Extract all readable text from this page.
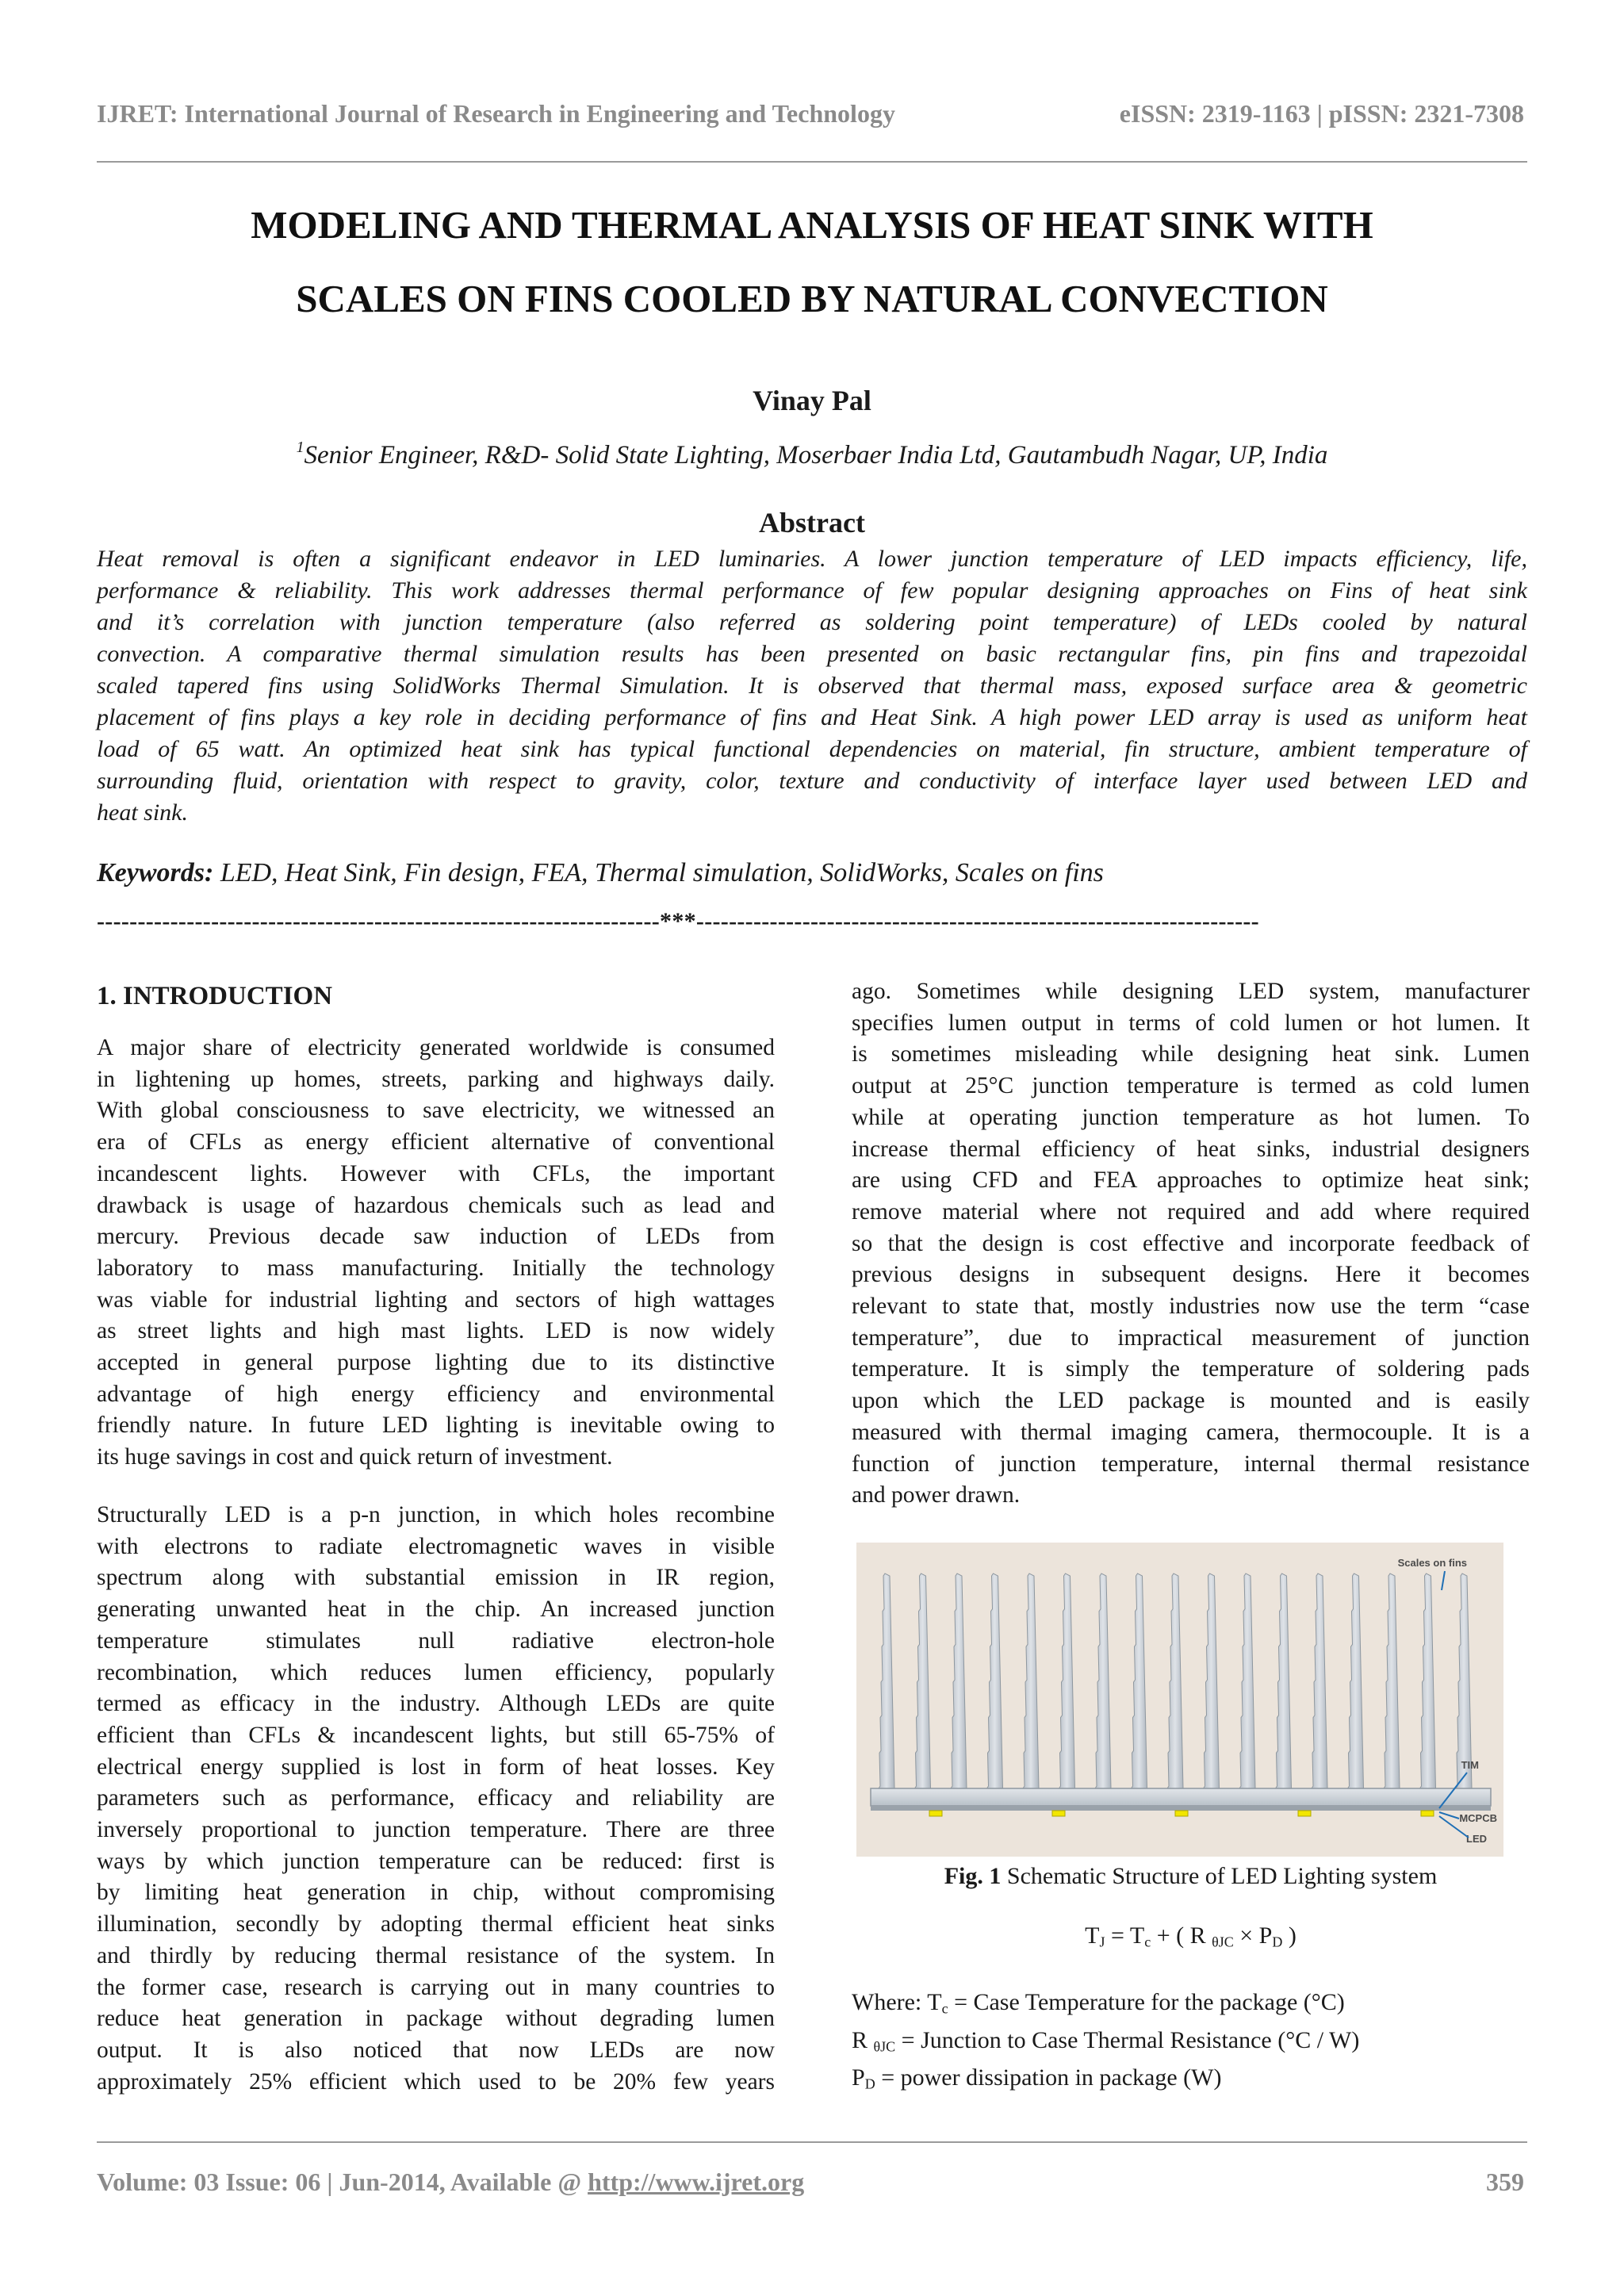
IJRET: International Journal of Research in Engineering and Technology	eISSN: 2319-1163 | pISSN: 2321-7308
MODELING AND THERMAL ANALYSIS OF HEAT SINK WITH
SCALES ON FINS COOLED BY NATURAL CONVECTION
Vinay Pal
$^1$Senior Engineer, R&D- Solid State Lighting, Moserbaer India Ltd, Gautambudh Nagar, UP, India
Abstract
Heat removal is often a significant endeavor in LED luminaries. A lower junction temperature of LED impacts efficiency, life,
performance & reliability. This work addresses thermal performance of few popular designing approaches on Fins of heat sink
and it’s correlation with junction temperature (also referred as soldering point temperature) of LEDs cooled by natural
convection. A comparative thermal simulation results has been presented on basic rectangular fins, pin fins and trapezoidal
scaled tapered fins using SolidWorks Thermal Simulation. It is observed that thermal mass, exposed surface area & geometric
placement of fins plays a key role in deciding performance of fins and Heat Sink. A high power LED array is used as uniform heat
load of 65 watt. An optimized heat sink has typical functional dependencies on material, fin structure, ambient temperature of
surrounding fluid, orientation with respect to gravity, color, texture and conductivity of interface layer used between LED and
heat sink.
Keywords: LED, Heat Sink, Fin design, FEA, Thermal simulation, SolidWorks, Scales on fins
---------------------------------------------------------------------***---------------------------------------------------------------------
1. INTRODUCTION
A major share of electricity generated worldwide is consumed
in lightening up homes, streets, parking and highways daily.
With global consciousness to save electricity, we witnessed an
era of CFLs as energy efficient alternative of conventional
incandescent lights. However with CFLs, the important
drawback is usage of hazardous chemicals such as lead and
mercury. Previous decade saw induction of LEDs from
laboratory to mass manufacturing. Initially the technology
was viable for industrial lighting and sectors of high wattages
as street lights and high mast lights. LED is now widely
accepted in general purpose lighting due to its distinctive
advantage of high energy efficiency and environmental
friendly nature. In future LED lighting is inevitable owing to
its huge savings in cost and quick return of investment.
Structurally LED is a p-n junction, in which holes recombine
with electrons to radiate electromagnetic waves in visible
spectrum along with substantial emission in IR region,
generating unwanted heat in the chip. An increased junction
temperature stimulates null radiative electron-hole
recombination, which reduces lumen efficiency, popularly
termed as efficacy in the industry. Although LEDs are quite
efficient than CFLs & incandescent lights, but still 65-75% of
electrical energy supplied is lost in form of heat losses. Key
parameters such as performance, efficacy and reliability are
inversely proportional to junction temperature. There are three
ways by which junction temperature can be reduced: first is
by limiting heat generation in chip, without compromising
illumination, secondly by adopting thermal efficient heat sinks
and thirdly by reducing thermal resistance of the system. In
the former case, research is carrying out in many countries to
reduce heat generation in package without degrading lumen
output. It is also noticed that now LEDs are now
approximately 25% efficient which used to be 20% few years
ago. Sometimes while designing LED system, manufacturer
specifies lumen output in terms of cold lumen or hot lumen. It
is sometimes misleading while designing heat sink. Lumen
output at 25°C junction temperature is termed as cold lumen
while at operating junction temperature as hot lumen. To
increase thermal efficiency of heat sinks, industrial designers
are using CFD and FEA approaches to optimize heat sink;
remove material where not required and add where required
so that the design is cost effective and incorporate feedback of
previous designs in subsequent designs. Here it becomes
relevant to state that, mostly industries now use the term “case
temperature”, due to impractical measurement of junction
temperature. It is simply the temperature of soldering pads
upon which the LED package is mounted and is easily
measured with thermal imaging camera, thermocouple. It is a
function of junction temperature, internal thermal resistance
and power drawn.
Scales on fins
TIM
MCPCB
LED
Fig. 1 Schematic Structure of LED Lighting system
$T_J = T_c$ + ( R $_{\theta JC} \times P_D$ )
Where: $T_c$ = Case Temperature for the package (°C)
R $_{\theta JC}$ = Junction to Case Thermal Resistance (°C / W)
$P_D$ = power dissipation in package (W)
Volume: 03 Issue: 06 | Jun-2014, Available @ http://www.ijret.org	359
